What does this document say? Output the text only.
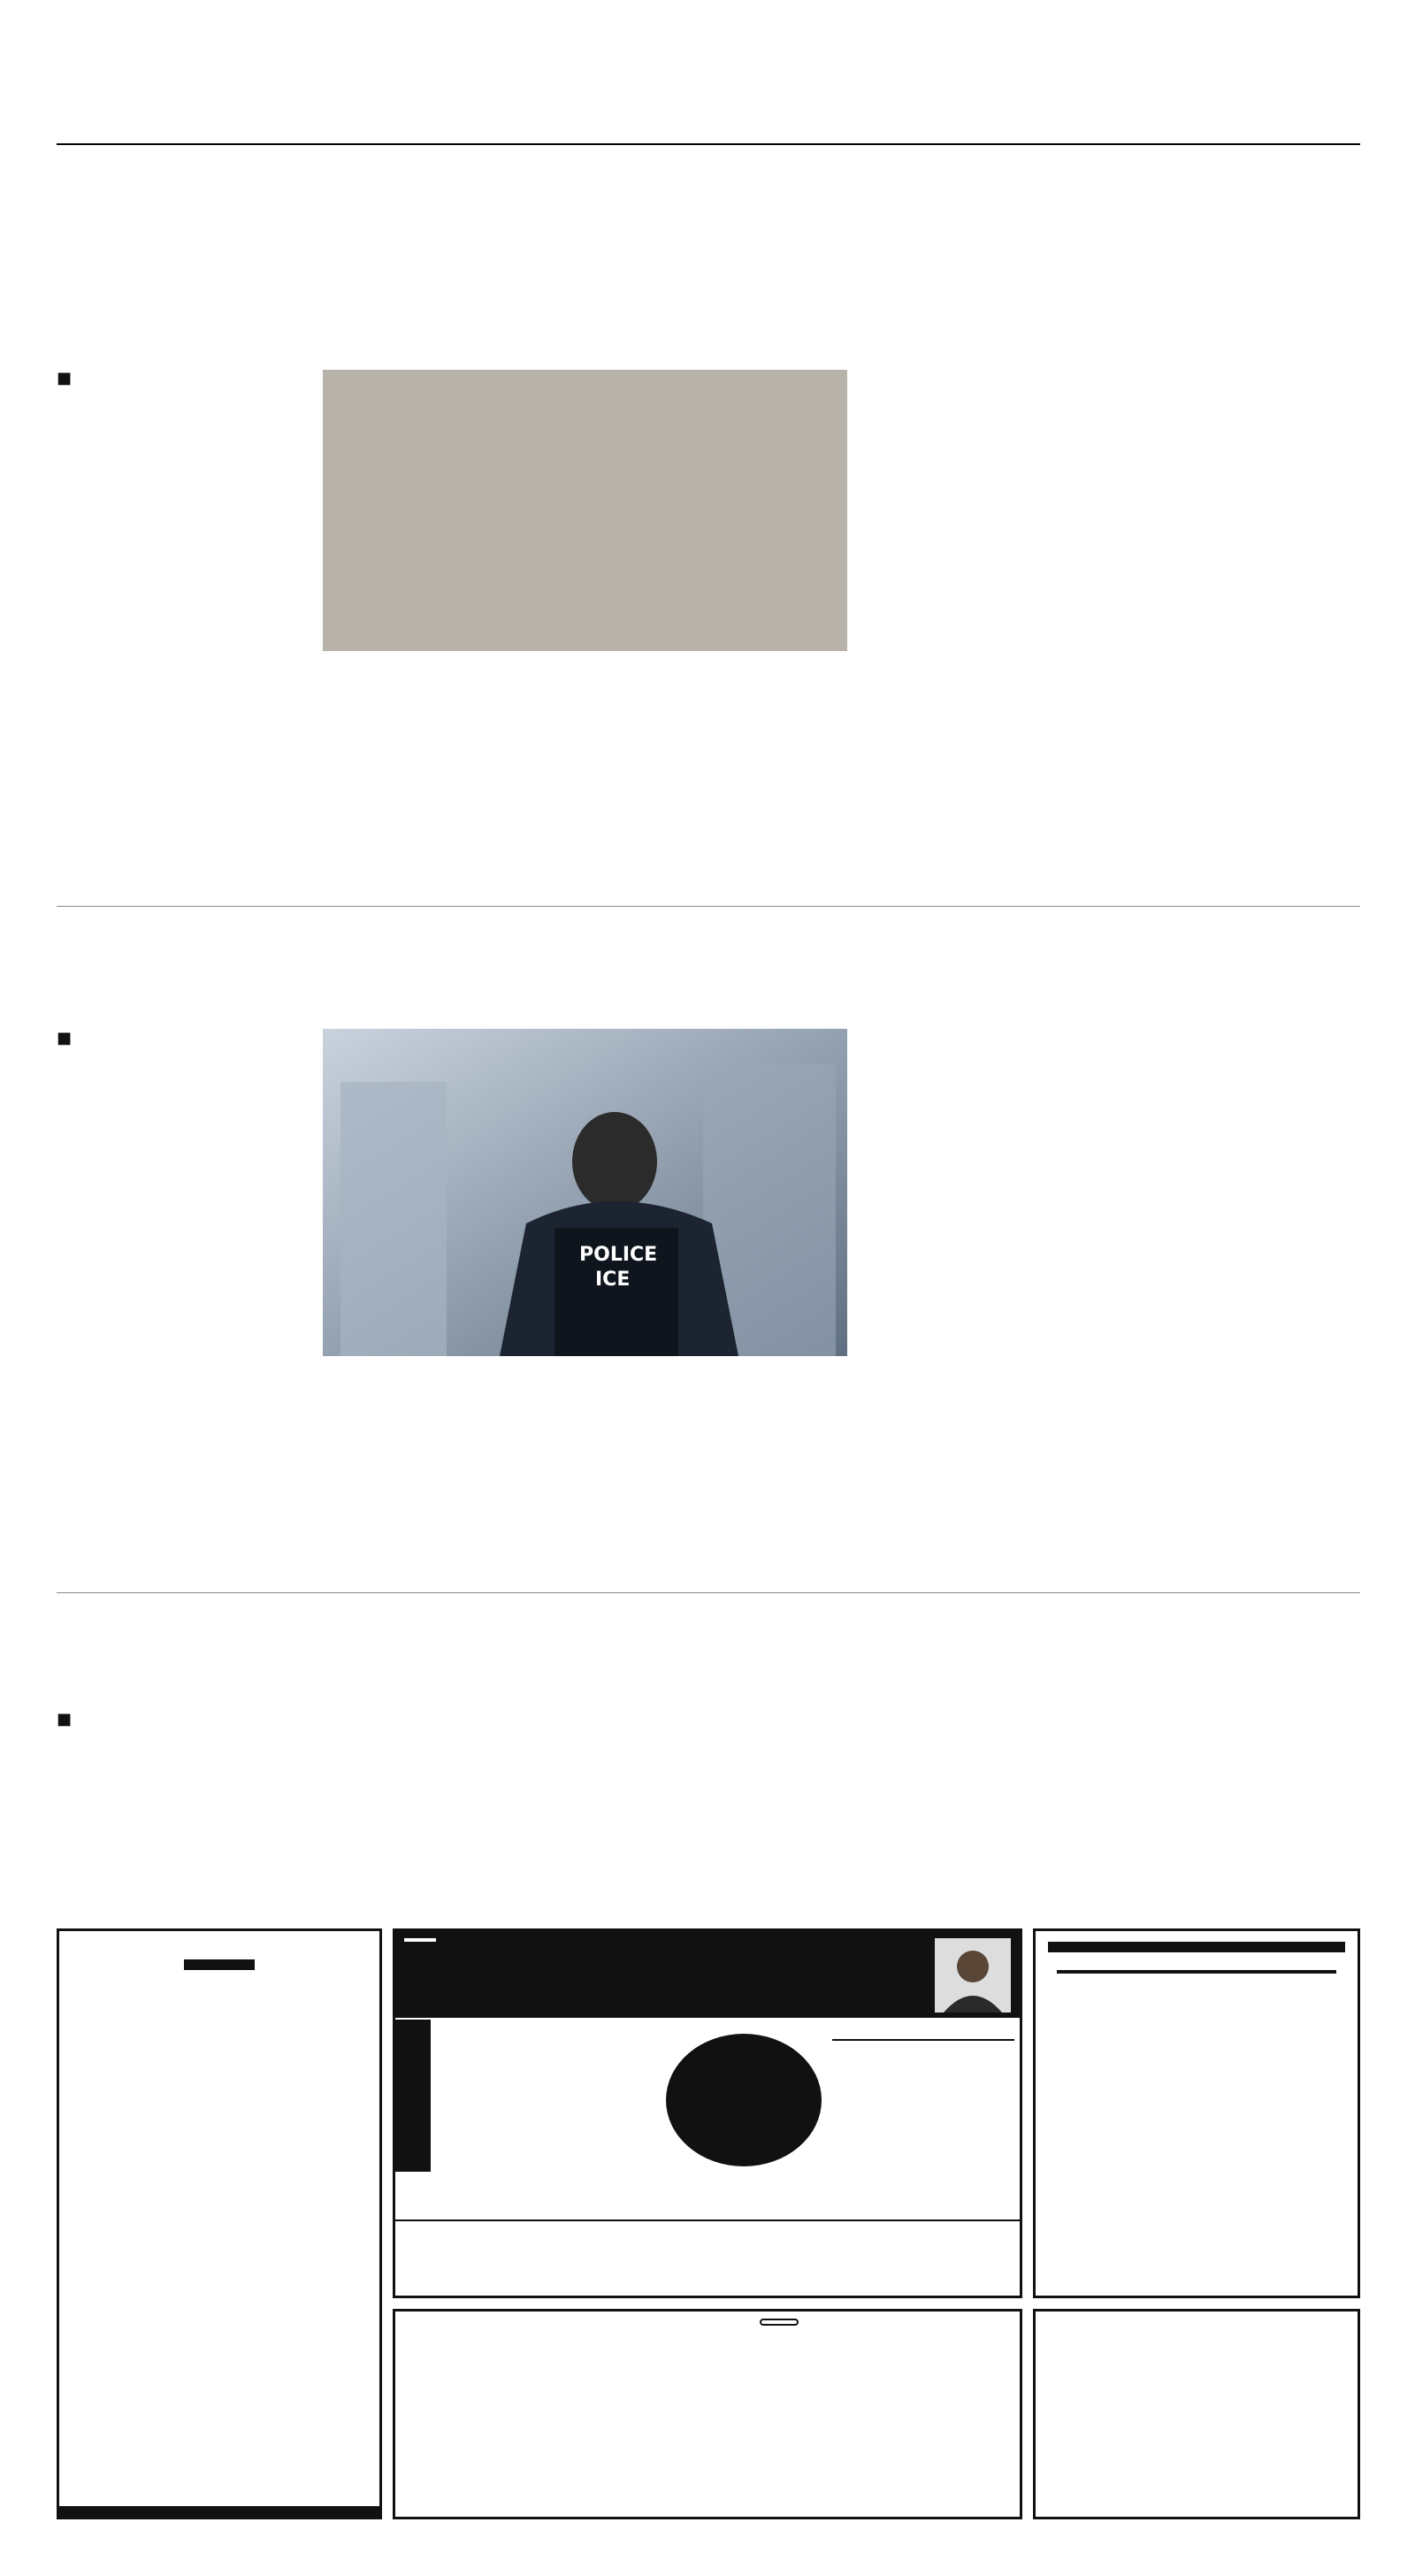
■

■

POLICE
ICE

■
